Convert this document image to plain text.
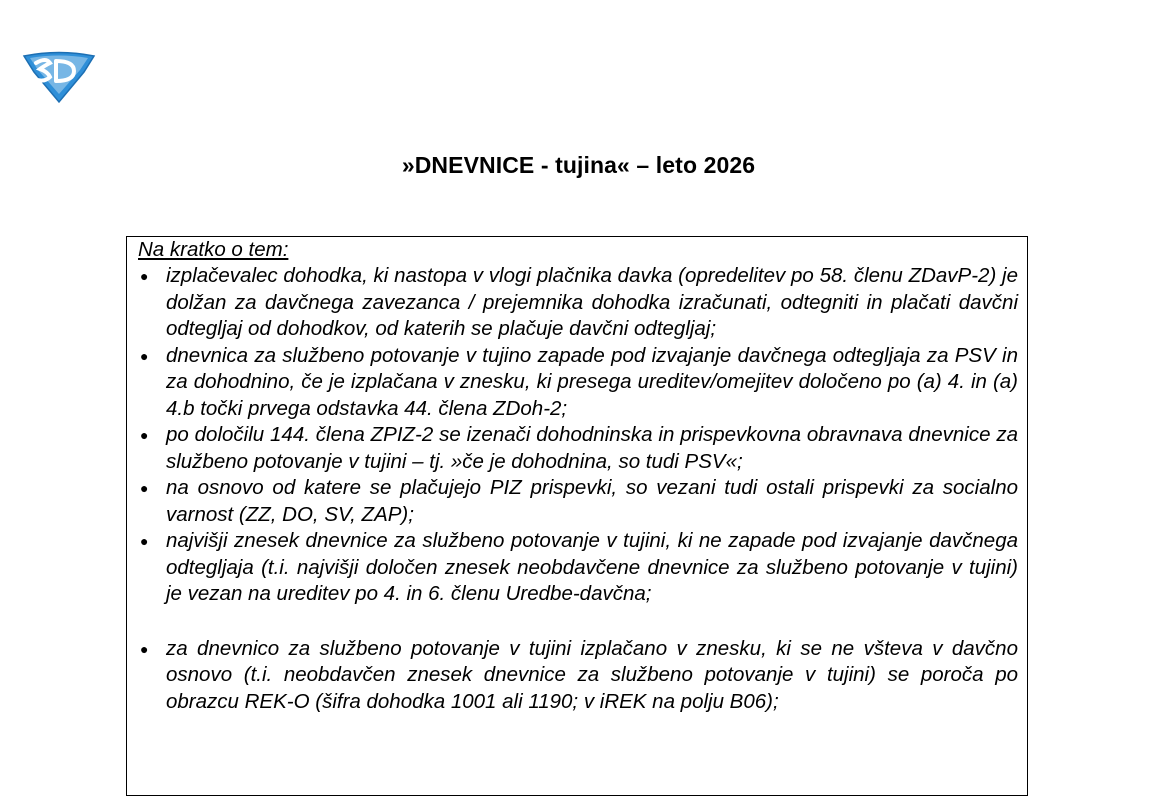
»DNEVNICE - tujina« – leto 2026

Na kratko o tem:

● izplačevalec dohodka, ki nastopa v vlogi plačnika davka (opredelitev po 58. členu ZDavP-2) je dolžan za davčnega zavezanca / prejemnika dohodka izračunati, odtegniti in plačati davčni odtegljaj od dohodkov, od katerih se plačuje davčni odtegljaj;
● dnevnica za službeno potovanje v tujino zapade pod izvajanje davčnega odtegljaja za PSV in za dohodnino, če je izplačana v znesku, ki presega ureditev/omejitev določeno po (a) 4. in (a) 4.b točki prvega odstavka 44. člena ZDoh-2;
● po določilu 144. člena ZPIZ-2 se izenači dohodninska in prispevkovna obravnava dnevnice za službeno potovanje v tujini – tj. »če je dohodnina, so tudi PSV«;
● na osnovo od katere se plačujejo PIZ prispevki, so vezani tudi ostali prispevki za socialno varnost (ZZ, DO, SV, ZAP);
● najvišji znesek dnevnice za službeno potovanje v tujini, ki ne zapade pod izvajanje davčnega odtegljaja (t.i. najvišji določen znesek neobdavčene dnevnice za službeno potovanje v tujini) je vezan na ureditev po 4. in 6. členu Uredbe-davčna;
● za dnevnico za službeno potovanje v tujini izplačano v znesku, ki se ne všteva v davčno osnovo (t.i. neobdavčen znesek dnevnice za službeno potovanje v tujini) se poroča po obrazcu REK-O (šifra dohodka 1001 ali 1190; v iREK na polju B06);
